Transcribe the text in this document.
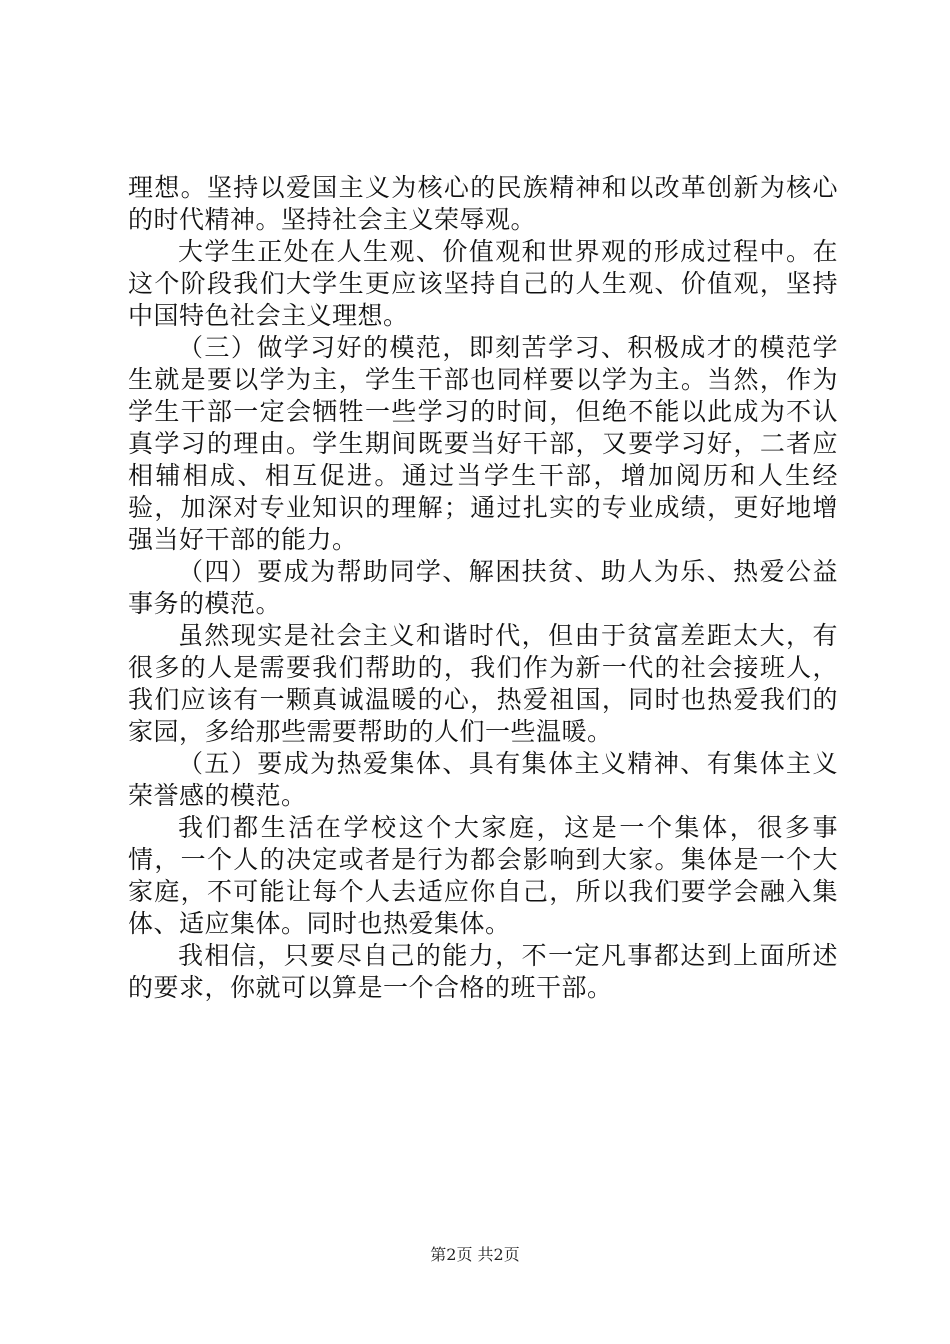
理想。坚持以爱国主义为核心的民族精神和以改革创新为核心的时代精神。坚持社会主义荣辱观。

大学生正处在人生观、价值观和世界观的形成过程中。在这个阶段我们大学生更应该坚持自己的人生观、价值观，坚持中国特色社会主义理想。

（三）做学习好的模范，即刻苦学习、积极成才的模范学生就是要以学为主，学生干部也同样要以学为主。当然，作为学生干部一定会牺牲一些学习的时间，但绝不能以此成为不认真学习的理由。学生期间既要当好干部，又要学习好，二者应相辅相成、相互促进。通过当学生干部，增加阅历和人生经验，加深对专业知识的理解；通过扎实的专业成绩，更好地增强当好干部的能力。

（四）要成为帮助同学、解困扶贫、助人为乐、热爱公益事务的模范。

虽然现实是社会主义和谐时代，但由于贫富差距太大，有很多的人是需要我们帮助的，我们作为新一代的社会接班人，我们应该有一颗真诚温暖的心，热爱祖国，同时也热爱我们的家园，多给那些需要帮助的人们一些温暖。

（五）要成为热爱集体、具有集体主义精神、有集体主义荣誉感的模范。

我们都生活在学校这个大家庭，这是一个集体，很多事情，一个人的决定或者是行为都会影响到大家。集体是一个大家庭，不可能让每个人去适应你自己，所以我们要学会融入集体、适应集体。同时也热爱集体。

我相信，只要尽自己的能力，不一定凡事都达到上面所述的要求，你就可以算是一个合格的班干部。

第2页 共2页
